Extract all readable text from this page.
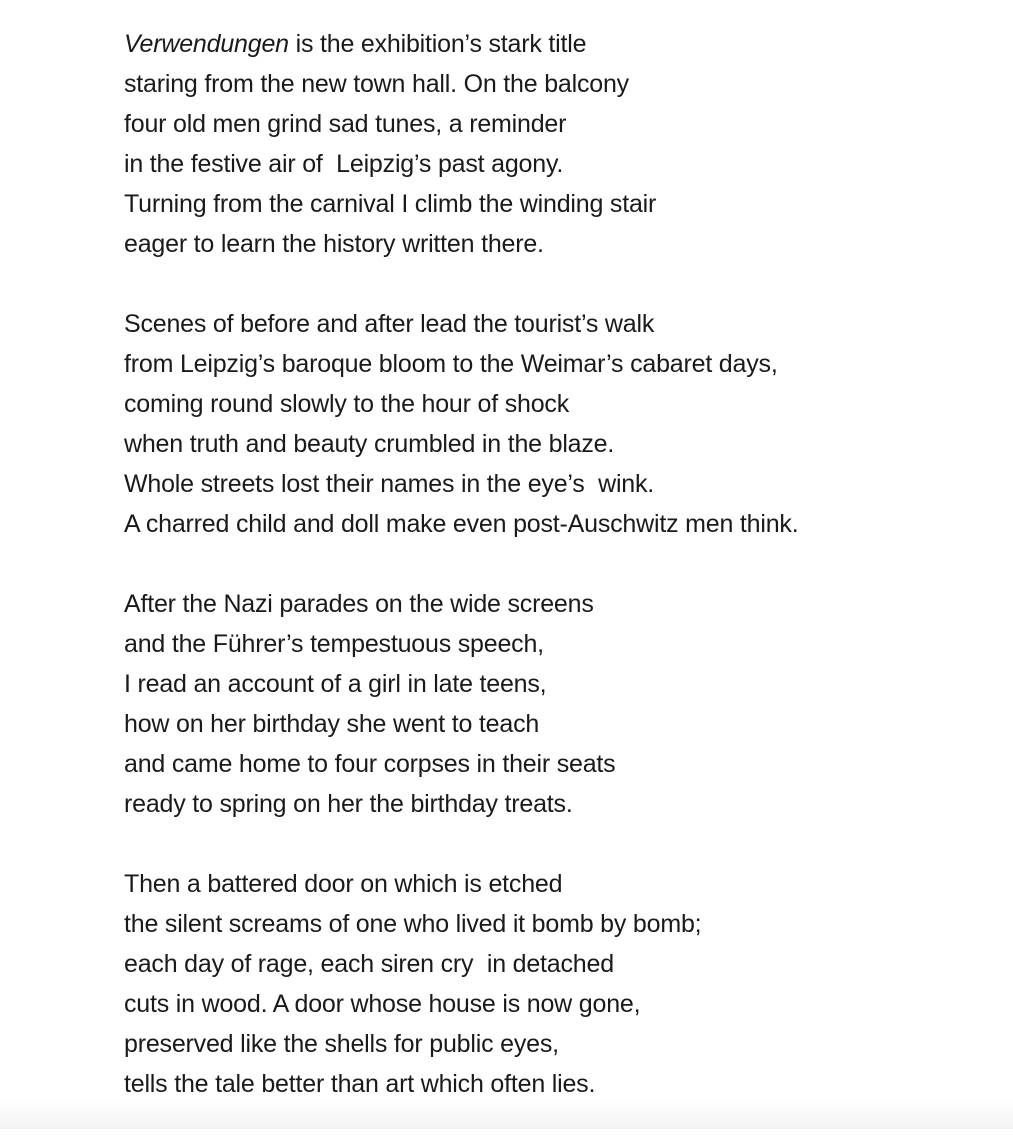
Verwendungen is the exhibition’s stark title
staring from the new town hall. On the balcony
four old men grind sad tunes, a reminder
in the festive air of  Leipzig’s past agony.
Turning from the carnival I climb the winding stair
eager to learn the history written there.
Scenes of before and after lead the tourist’s walk
from Leipzig’s baroque bloom to the Weimar’s cabaret days,
coming round slowly to the hour of shock
when truth and beauty crumbled in the blaze.
Whole streets lost their names in the eye’s  wink.
A charred child and doll make even post-Auschwitz men think.
After the Nazi parades on the wide screens
and the Führer’s tempestuous speech,
I read an account of a girl in late teens,
how on her birthday she went to teach
and came home to four corpses in their seats
ready to spring on her the birthday treats.
Then a battered door on which is etched
the silent screams of one who lived it bomb by bomb;
each day of rage, each siren cry  in detached
cuts in wood. A door whose house is now gone,
preserved like the shells for public eyes,
tells the tale better than art which often lies.
